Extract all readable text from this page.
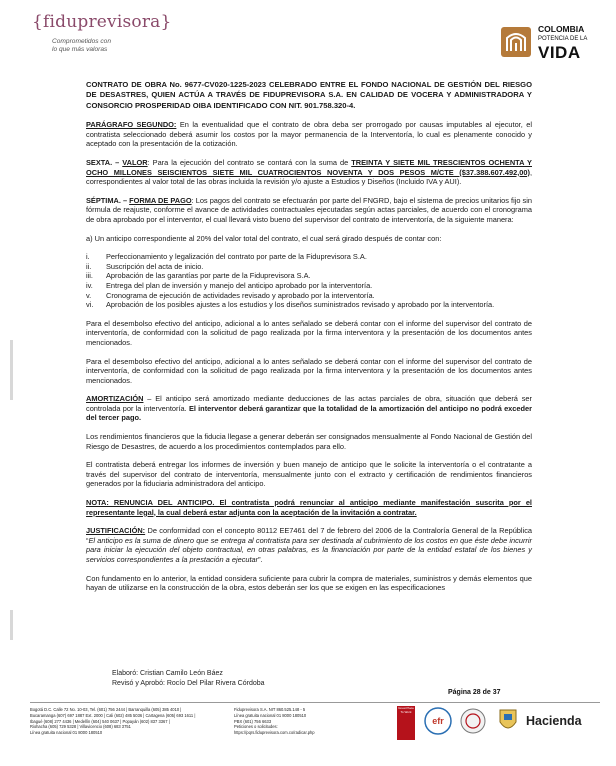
{fiduprevisora}
Comprometidos con
lo que más valoras
COLOMBIA
POTENCIA DE LA
VIDA

CONTRATO DE OBRA No. 9677-CV020-1225-2023 CELEBRADO ENTRE EL FONDO NACIONAL DE GESTIÓN DEL RIESGO DE DESASTRES, QUIEN ACTÚA A TRAVÉS DE FIDUPREVISORA S.A. EN CALIDAD DE VOCERA Y ADMINISTRADORA Y CONSORCIO PROSPERIDAD OIBA IDENTIFICADO CON NIT. 901.758.320-4.

PARÁGRAFO SEGUNDO: En la eventualidad que el contrato de obra deba ser prorrogado por causas imputables al ejecutor, el contratista seleccionado deberá asumir los costos por la mayor permanencia de la Interventoría, lo cual es plenamente conocido y aceptado con la presentación de la cotización.

SEXTA. – VALOR: Para la ejecución del contrato se contará con la suma de TREINTA Y SIETE MIL TRESCIENTOS OCHENTA Y OCHO MILLONES SEISCIENTOS SIETE MIL CUATROCIENTOS NOVENTA Y DOS PESOS M/CTE ($37.388.607.492,00), correspondientes al valor total de las obras incluida la revisión y/o ajuste a Estudios y Diseños (Incluido IVA y AUI).

SÉPTIMA. – FORMA DE PAGO: Los pagos del contrato se efectuarán por parte del FNGRD, bajo el sistema de precios unitarios fijo sin fórmula de reajuste, conforme el avance de actividades contractuales ejecutadas según actas parciales, de acuerdo con el cronograma de obra aprobado por el interventor, el cual llevará visto bueno del supervisor del contrato de interventoría, de la siguiente manera:

a) Un anticipo correspondiente al 20% del valor total del contrato, el cual será girado después de contar con:

i. Perfeccionamiento y legalización del contrato por parte de la Fiduprevisora S.A.
ii. Suscripción del acta de inicio.
iii. Aprobación de las garantías por parte de la Fiduprevisora S.A.
iv. Entrega del plan de inversión y manejo del anticipo aprobado por la interventoría.
v. Cronograma de ejecución de actividades revisado y aprobado por la interventoría.
vi. Aprobación de los posibles ajustes a los estudios y los diseños suministrados revisado y aprobado por la interventoría.

Para el desembolso efectivo del anticipo, adicional a lo antes señalado se deberá contar con el informe del supervisor del contrato de interventoría, de conformidad con la solicitud de pago realizada por la firma interventora y la presentación de los documentos antes mencionados.

Para el desembolso efectivo del anticipo, adicional a lo antes señalado se deberá contar con el informe del supervisor del contrato de interventoría, de conformidad con la solicitud de pago realizada por la firma interventora y la presentación de los documentos antes mencionados.

AMORTIZACIÓN – El anticipo será amortizado mediante deducciones de las actas parciales de obra, situación que deberá ser controlada por la interventoría. El interventor deberá garantizar que la totalidad de la amortización del anticipo no podrá exceder del tercer pago.

Los rendimientos financieros que la fiducia llegase a generar deberán ser consignados mensualmente al Fondo Nacional de Gestión del Riesgo de Desastres, de acuerdo a los procedimientos contemplados para ello.

El contratista deberá entregar los informes de inversión y buen manejo de anticipo que le solicite la interventoría o el contratante a través del supervisor del contrato de interventoría, mensualmente junto con el extracto y certificación de rendimientos financieros generados por la fiduciaria administradora del anticipo.

NOTA: RENUNCIA DEL ANTICIPO. El contratista podrá renunciar al anticipo mediante manifestación suscrita por el representante legal, la cual deberá estar adjunta con la aceptación de la invitación a contratar.

JUSTIFICACIÓN: De conformidad con el concepto 80112 EE7461 del 7 de febrero del 2006 de la Contraloría General de la República “El anticipo es la suma de dinero que se entrega al contratista para ser destinada al cubrimiento de los costos en que éste debe incurrir para iniciar la ejecución del objeto contractual, en otras palabras, es la financiación por parte de la entidad estatal de los bienes y servicios correspondientes a la prestación a ejecutar”.

Con fundamento en lo anterior, la entidad considera suficiente para cubrir la compra de materiales, suministros y demás elementos que hayan de utilizarse en la construcción de la obra, estos deberán ser los que se exigen en las especificaciones

Elaboró: Cristian Camilo León Báez
Revisó y Aprobó: Rocío Del Pilar Rivera Córdoba
Página 28 de 37
Bogotá D.C. Calle 72 No. 10-03, Tel. (601) 756 2444 | Barranquilla (605) 385 4010 |
Bucaramanga (607) 697 1887 Ext. 2000 | Cali (602) 485 5036 | Cartagena (605) 693 1611 |
Ibagué (608) 277 4436 | Medellín (604) 540 0637 | Popayán (602) 837 3367 |
Riohacha (605) 729 5328 | Villavicencio (608) 683 3751
Línea gratuita nacional 01 8000 180510
Fiduprevisora S.A. NIT 860.525.148 - 5
Línea gratuita nacional 01 8000 180510
PBX (601) 756 6633
Peticiones o solicitudes:
https://pqrs.fiduprevisora.com.co/radicar.php
Great Place To Work
efr	Hacienda
